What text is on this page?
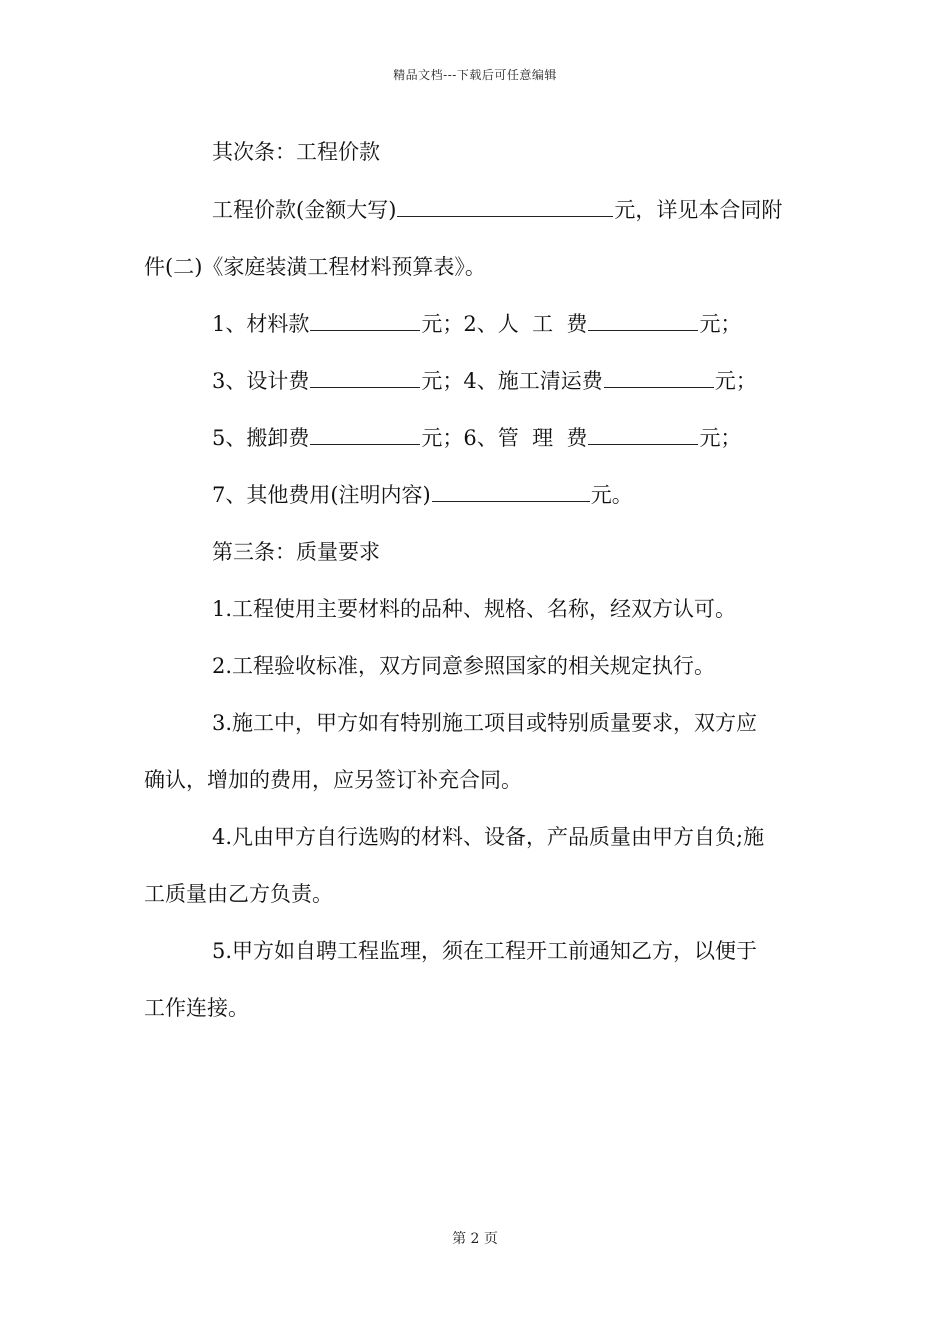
精品文档---下载后可任意编辑
其次条：工程价款
工程价款(金额大写)	元，详见本合同附
件(二)《家庭装潢工程材料预算表》。
1、材料款	元；2、人  工  费	元；
3、设计费	元；4、施工清运费	元；
5、搬卸费	元；6、管  理  费	元；
7、其他费用(注明内容)	元。
第三条：质量要求
1.工程使用主要材料的品种、规格、名称，经双方认可。
2.工程验收标准，双方同意参照国家的相关规定执行。
3.施工中，甲方如有特别施工项目或特别质量要求，双方应
确认，增加的费用，应另签订补充合同。
4.凡由甲方自行选购的材料、设备，产品质量由甲方自负;施
工质量由乙方负责。
5.甲方如自聘工程监理，须在工程开工前通知乙方，以便于
工作连接。
第 2 页
